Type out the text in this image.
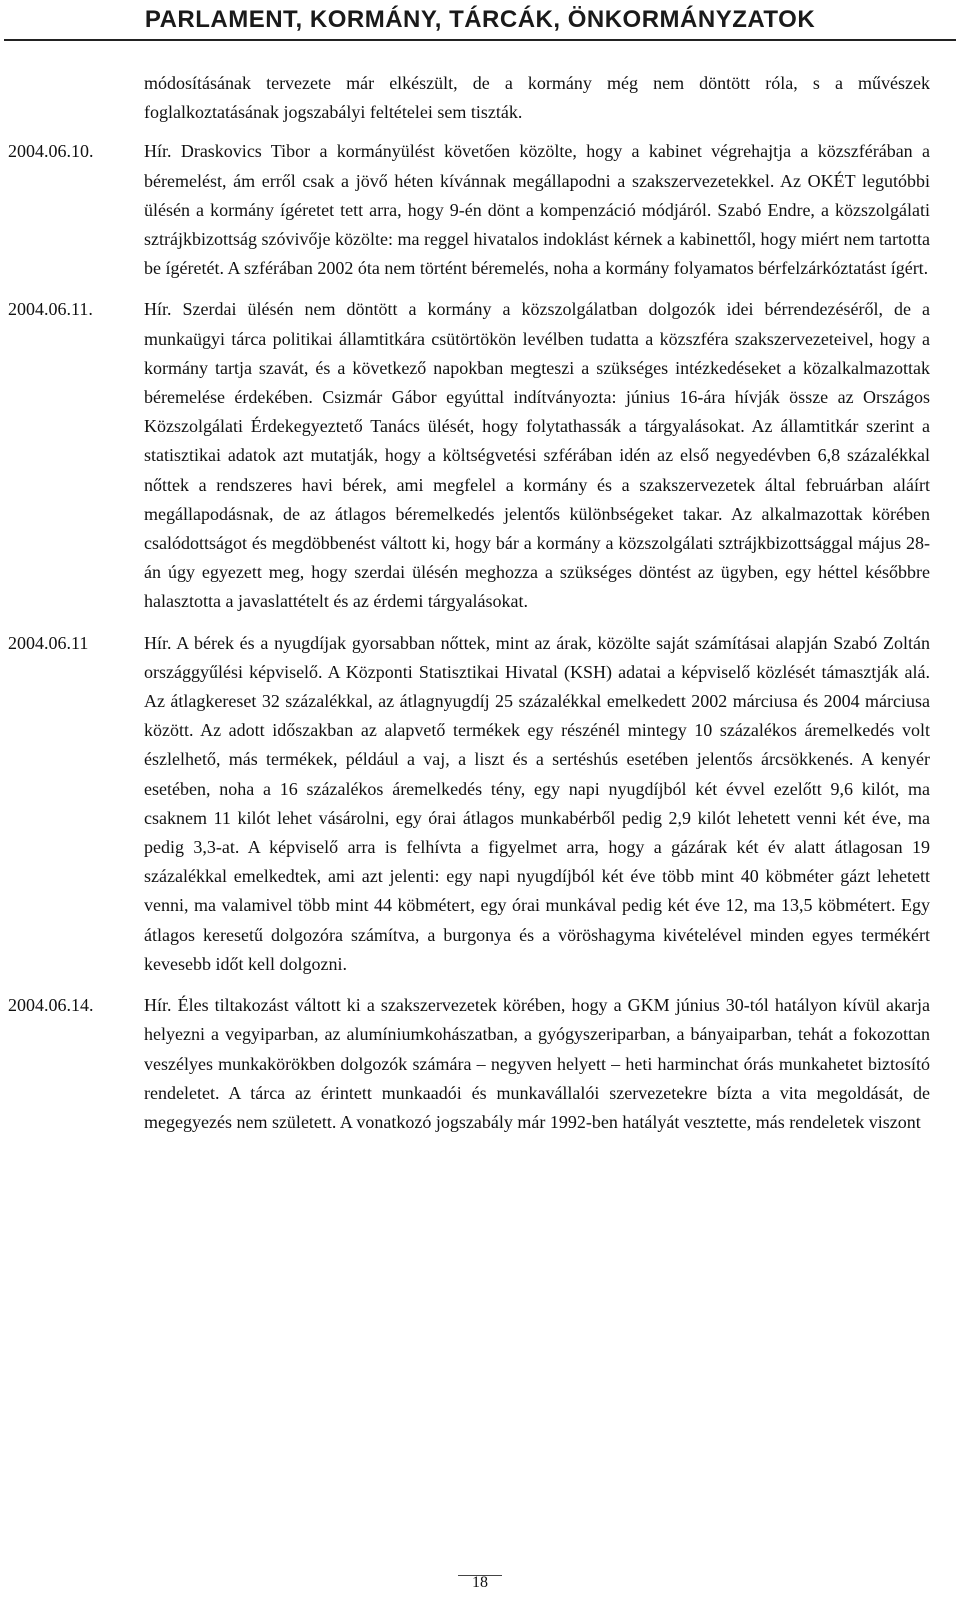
PARLAMENT, KORMÁNY, TÁRCÁK, ÖNKORMÁNYZATOK
módosításának tervezete már elkészült, de a kormány még nem döntött róla, s a művészek foglalkoztatásának jogszabályi feltételei sem tiszták.
2004.06.10.	Hír. Draskovics Tibor a kormányülést követően közölte, hogy a kabinet végrehajtja a közszférában a béremelést, ám erről csak a jövő héten kívánnak megállapodni a szakszervezetekkel. Az OKÉT legutóbbi ülésén a kormány ígéretet tett arra, hogy 9-én dönt a kompenzáció módjáról. Szabó Endre, a közszolgálati sztrájkbizottság szóvivője közölte: ma reggel hivatalos indoklást kérnek a kabinettől, hogy miért nem tartotta be ígéretét. A szférában 2002 óta nem történt béremelés, noha a kormány folyamatos bérfelzárkóztatást ígért.
2004.06.11.	Hír. Szerdai ülésén nem döntött a kormány a közszolgálatban dolgozók idei bérrendezéséről, de a munkaügyi tárca politikai államtitkára csütörtökön levélben tudatta a közszféra szakszervezeteivel, hogy a kormány tartja szavát, és a következő napokban megteszi a szükséges intézkedéseket a közalkalmazottak béremelése érdekében. Csizmár Gábor egyúttal indítványozta: június 16-ára hívják össze az Országos Közszolgálati Érdekegyeztető Tanács ülését, hogy folytathassák a tárgyalásokat. Az államtitkár szerint a statisztikai adatok azt mutatják, hogy a költségvetési szférában idén az első negyedévben 6,8 százalékkal nőttek a rendszeres havi bérek, ami megfelel a kormány és a szakszervezetek által februárban aláírt megállapodásnak, de az átlagos béremelkedés jelentős különbségeket takar. Az alkalmazottak körében csalódottságot és megdöbbenést váltott ki, hogy bár a kormány a közszolgálati sztrájkbizottsággal május 28-án úgy egyezett meg, hogy szerdai ülésén meghozza a szükséges döntést az ügyben, egy héttel későbbre halasztotta a javaslattételt és az érdemi tárgyalásokat.
2004.06.11	Hír. A bérek és a nyugdíjak gyorsabban nőttek, mint az árak, közölte saját számításai alapján Szabó Zoltán országgyűlési képviselő. A Központi Statisztikai Hivatal (KSH) adatai a képviselő közlését támasztják alá. Az átlagkereset 32 százalékkal, az átlagnyugdíj 25 százalékkal emelkedett 2002 márciusa és 2004 márciusa között. Az adott időszakban az alapvető termékek egy részénél mintegy 10 százalékos áremelkedés volt észlelhető, más termékek, például a vaj, a liszt és a sertéshús esetében jelentős árcsökkenés. A kenyér esetében, noha a 16 százalékos áremelkedés tény, egy napi nyugdíjból két évvel ezelőtt 9,6 kilót, ma csaknem 11 kilót lehet vásárolni, egy órai átlagos munkabérből pedig 2,9 kilót lehetett venni két éve, ma pedig 3,3-at. A képviselő arra is felhívta a figyelmet arra, hogy a gázárak két év alatt átlagosan 19 százalékkal emelkedtek, ami azt jelenti: egy napi nyugdíjból két éve több mint 40 köbméter gázt lehetett venni, ma valamivel több mint 44 köbmétert, egy órai munkával pedig két éve 12, ma 13,5 köbmétert. Egy átlagos keresetű dolgozóra számítva, a burgonya és a vöröshagyma kivételével minden egyes termékért kevesebb időt kell dolgozni.
2004.06.14.	Hír. Éles tiltakozást váltott ki a szakszervezetek körében, hogy a GKM június 30-tól hatályon kívül akarja helyezni a vegyiparban, az alumíniumkohászatban, a gyógyszeriparban, a bányaiparban, tehát a fokozottan veszélyes munkakörökben dolgozók számára – negyven helyett – heti harminchat órás munkahetet biztosító rendeletet. A tárca az érintett munkaadói és munkavállalói szervezetekre bízta a vita megoldását, de megegyezés nem született. A vonatkozó jogszabály már 1992-ben hatályát vesztette, más rendeletek viszont
18
